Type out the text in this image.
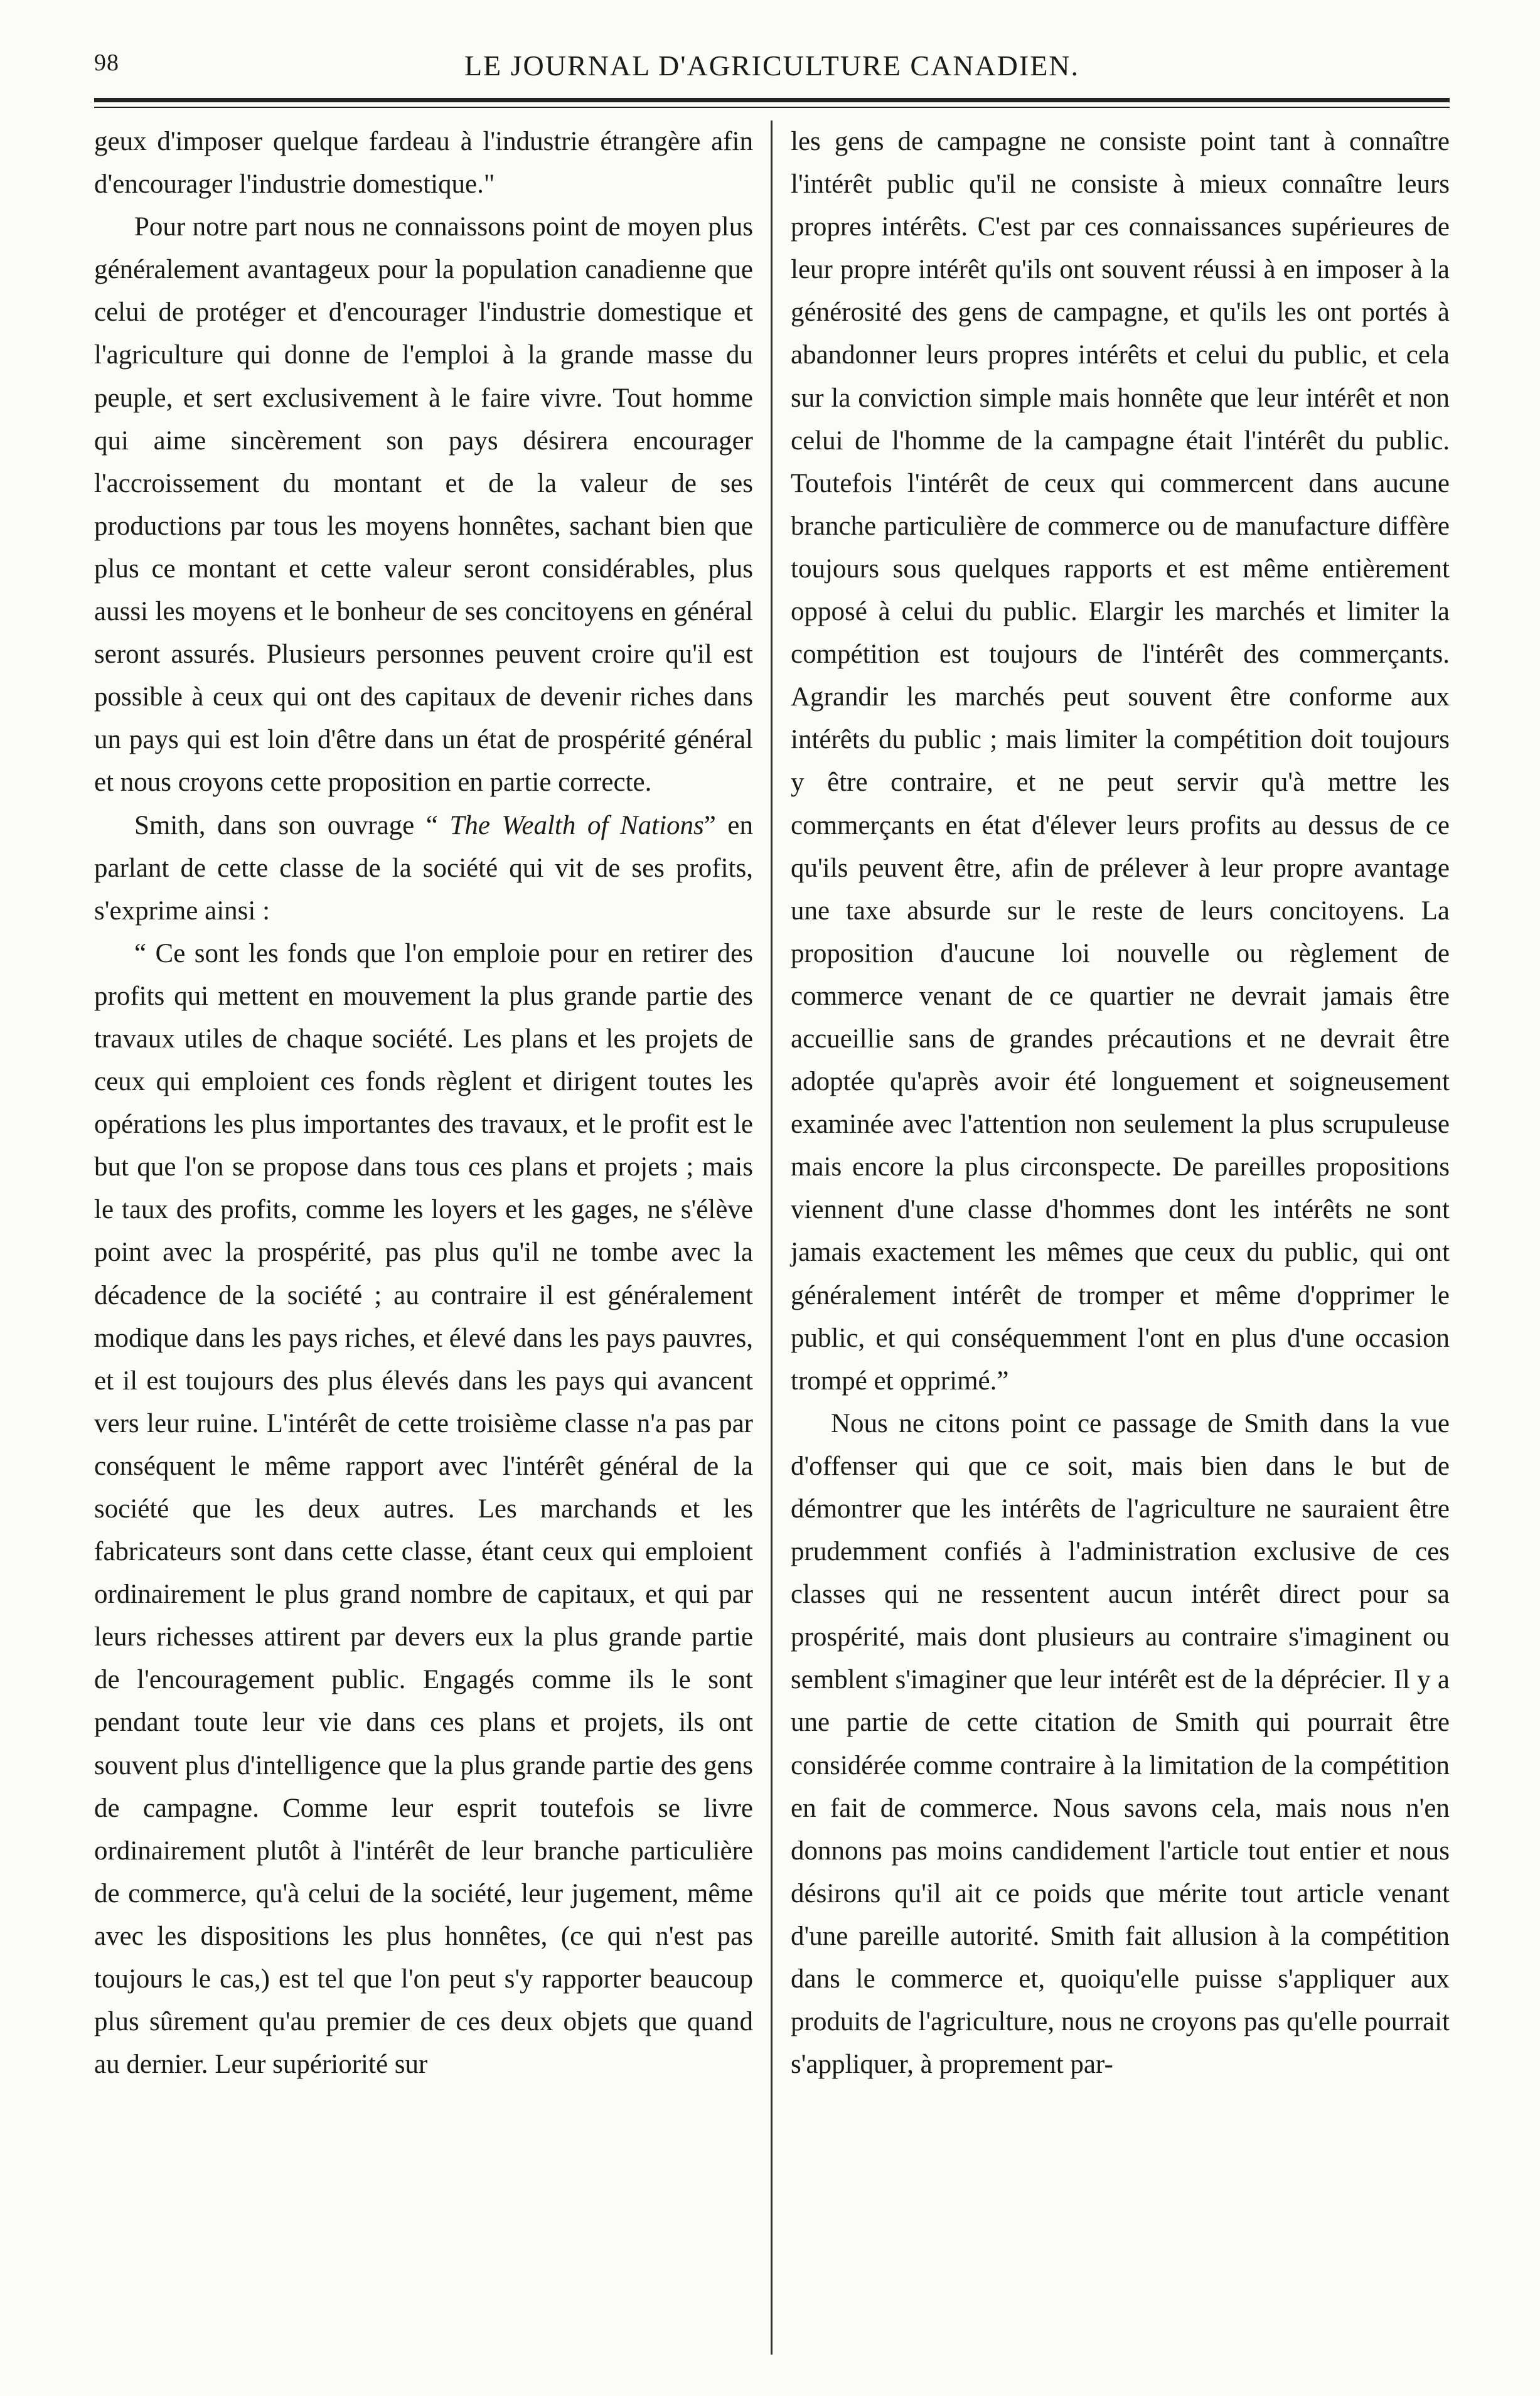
98	LE JOURNAL D'AGRICULTURE CANADIEN.

geux d'imposer quelque fardeau à l'industrie étrangère afin d'encourager l'industrie domestique."

Pour notre part nous ne connaissons point de moyen plus généralement avantageux pour la population canadienne que celui de protéger et d'encourager l'industrie domestique et l'agriculture qui donne de l'emploi à la grande masse du peuple, et sert exclusivement à le faire vivre. Tout homme qui aime sincèrement son pays désirera encourager l'accroissement du montant et de la valeur de ses productions par tous les moyens honnêtes, sachant bien que plus ce montant et cette valeur seront considérables, plus aussi les moyens et le bonheur de ses concitoyens en général seront assurés. Plusieurs personnes peuvent croire qu'il est possible à ceux qui ont des capitaux de devenir riches dans un pays qui est loin d'être dans un état de prospérité général et nous croyons cette proposition en partie correcte.

Smith, dans son ouvrage “ The Wealth of Nations” en parlant de cette classe de la société qui vit de ses profits, s'exprime ainsi :

“ Ce sont les fonds que l'on emploie pour en retirer des profits qui mettent en mouvement la plus grande partie des travaux utiles de chaque société. Les plans et les projets de ceux qui emploient ces fonds règlent et dirigent toutes les opérations les plus importantes des travaux, et le profit est le but que l'on se propose dans tous ces plans et projets ; mais le taux des profits, comme les loyers et les gages, ne s'élève point avec la prospérité, pas plus qu'il ne tombe avec la décadence de la société ; au contraire il est généralement modique dans les pays riches, et élevé dans les pays pauvres, et il est toujours des plus élevés dans les pays qui avancent vers leur ruine. L'intérêt de cette troisième classe n'a pas par conséquent le même rapport avec l'intérêt général de la société que les deux autres. Les marchands et les fabricateurs sont dans cette classe, étant ceux qui emploient ordinairement le plus grand nombre de capitaux, et qui par leurs richesses attirent par devers eux la plus grande partie de l'encouragement public. Engagés comme ils le sont pendant toute leur vie dans ces plans et projets, ils ont souvent plus d'intelligence que la plus grande partie des gens de campagne. Comme leur esprit toutefois se livre ordinairement plutôt à l'intérêt de leur branche particulière de commerce, qu'à celui de la société, leur jugement, même avec les dispositions les plus honnêtes, (ce qui n'est pas toujours le cas,) est tel que l'on peut s'y rapporter beaucoup plus sûrement qu'au premier de ces deux objets que quand au dernier. Leur supériorité sur

les gens de campagne ne consiste point tant à connaître l'intérêt public qu'il ne consiste à mieux connaître leurs propres intérêts. C'est par ces connaissances supérieures de leur propre intérêt qu'ils ont souvent réussi à en imposer à la générosité des gens de campagne, et qu'ils les ont portés à abandonner leurs propres intérêts et celui du public, et cela sur la conviction simple mais honnête que leur intérêt et non celui de l'homme de la campagne était l'intérêt du public. Toutefois l'intérêt de ceux qui commercent dans aucune branche particulière de commerce ou de manufacture diffère toujours sous quelques rapports et est même entièrement opposé à celui du public. Elargir les marchés et limiter la compétition est toujours de l'intérêt des commerçants. Agrandir les marchés peut souvent être conforme aux intérêts du public ; mais limiter la compétition doit toujours y être contraire, et ne peut servir qu'à mettre les commerçants en état d'élever leurs profits au dessus de ce qu'ils peuvent être, afin de prélever à leur propre avantage une taxe absurde sur le reste de leurs concitoyens. La proposition d'aucune loi nouvelle ou règlement de commerce venant de ce quartier ne devrait jamais être accueillie sans de grandes précautions et ne devrait être adoptée qu'après avoir été longuement et soigneusement examinée avec l'attention non seulement la plus scrupuleuse mais encore la plus circonspecte. De pareilles propositions viennent d'une classe d'hommes dont les intérêts ne sont jamais exactement les mêmes que ceux du public, qui ont généralement intérêt de tromper et même d'opprimer le public, et qui conséquemment l'ont en plus d'une occasion trompé et opprimé.”

Nous ne citons point ce passage de Smith dans la vue d'offenser qui que ce soit, mais bien dans le but de démontrer que les intérêts de l'agriculture ne sauraient être prudemment confiés à l'administration exclusive de ces classes qui ne ressentent aucun intérêt direct pour sa prospérité, mais dont plusieurs au contraire s'imaginent ou semblent s'imaginer que leur intérêt est de la déprécier. Il y a une partie de cette citation de Smith qui pourrait être considérée comme contraire à la limitation de la compétition en fait de commerce. Nous savons cela, mais nous n'en donnons pas moins candidement l'article tout entier et nous désirons qu'il ait ce poids que mérite tout article venant d'une pareille autorité. Smith fait allusion à la compétition dans le commerce et, quoiqu'elle puisse s'appliquer aux produits de l'agriculture, nous ne croyons pas qu'elle pourrait s'appliquer, à proprement par-
